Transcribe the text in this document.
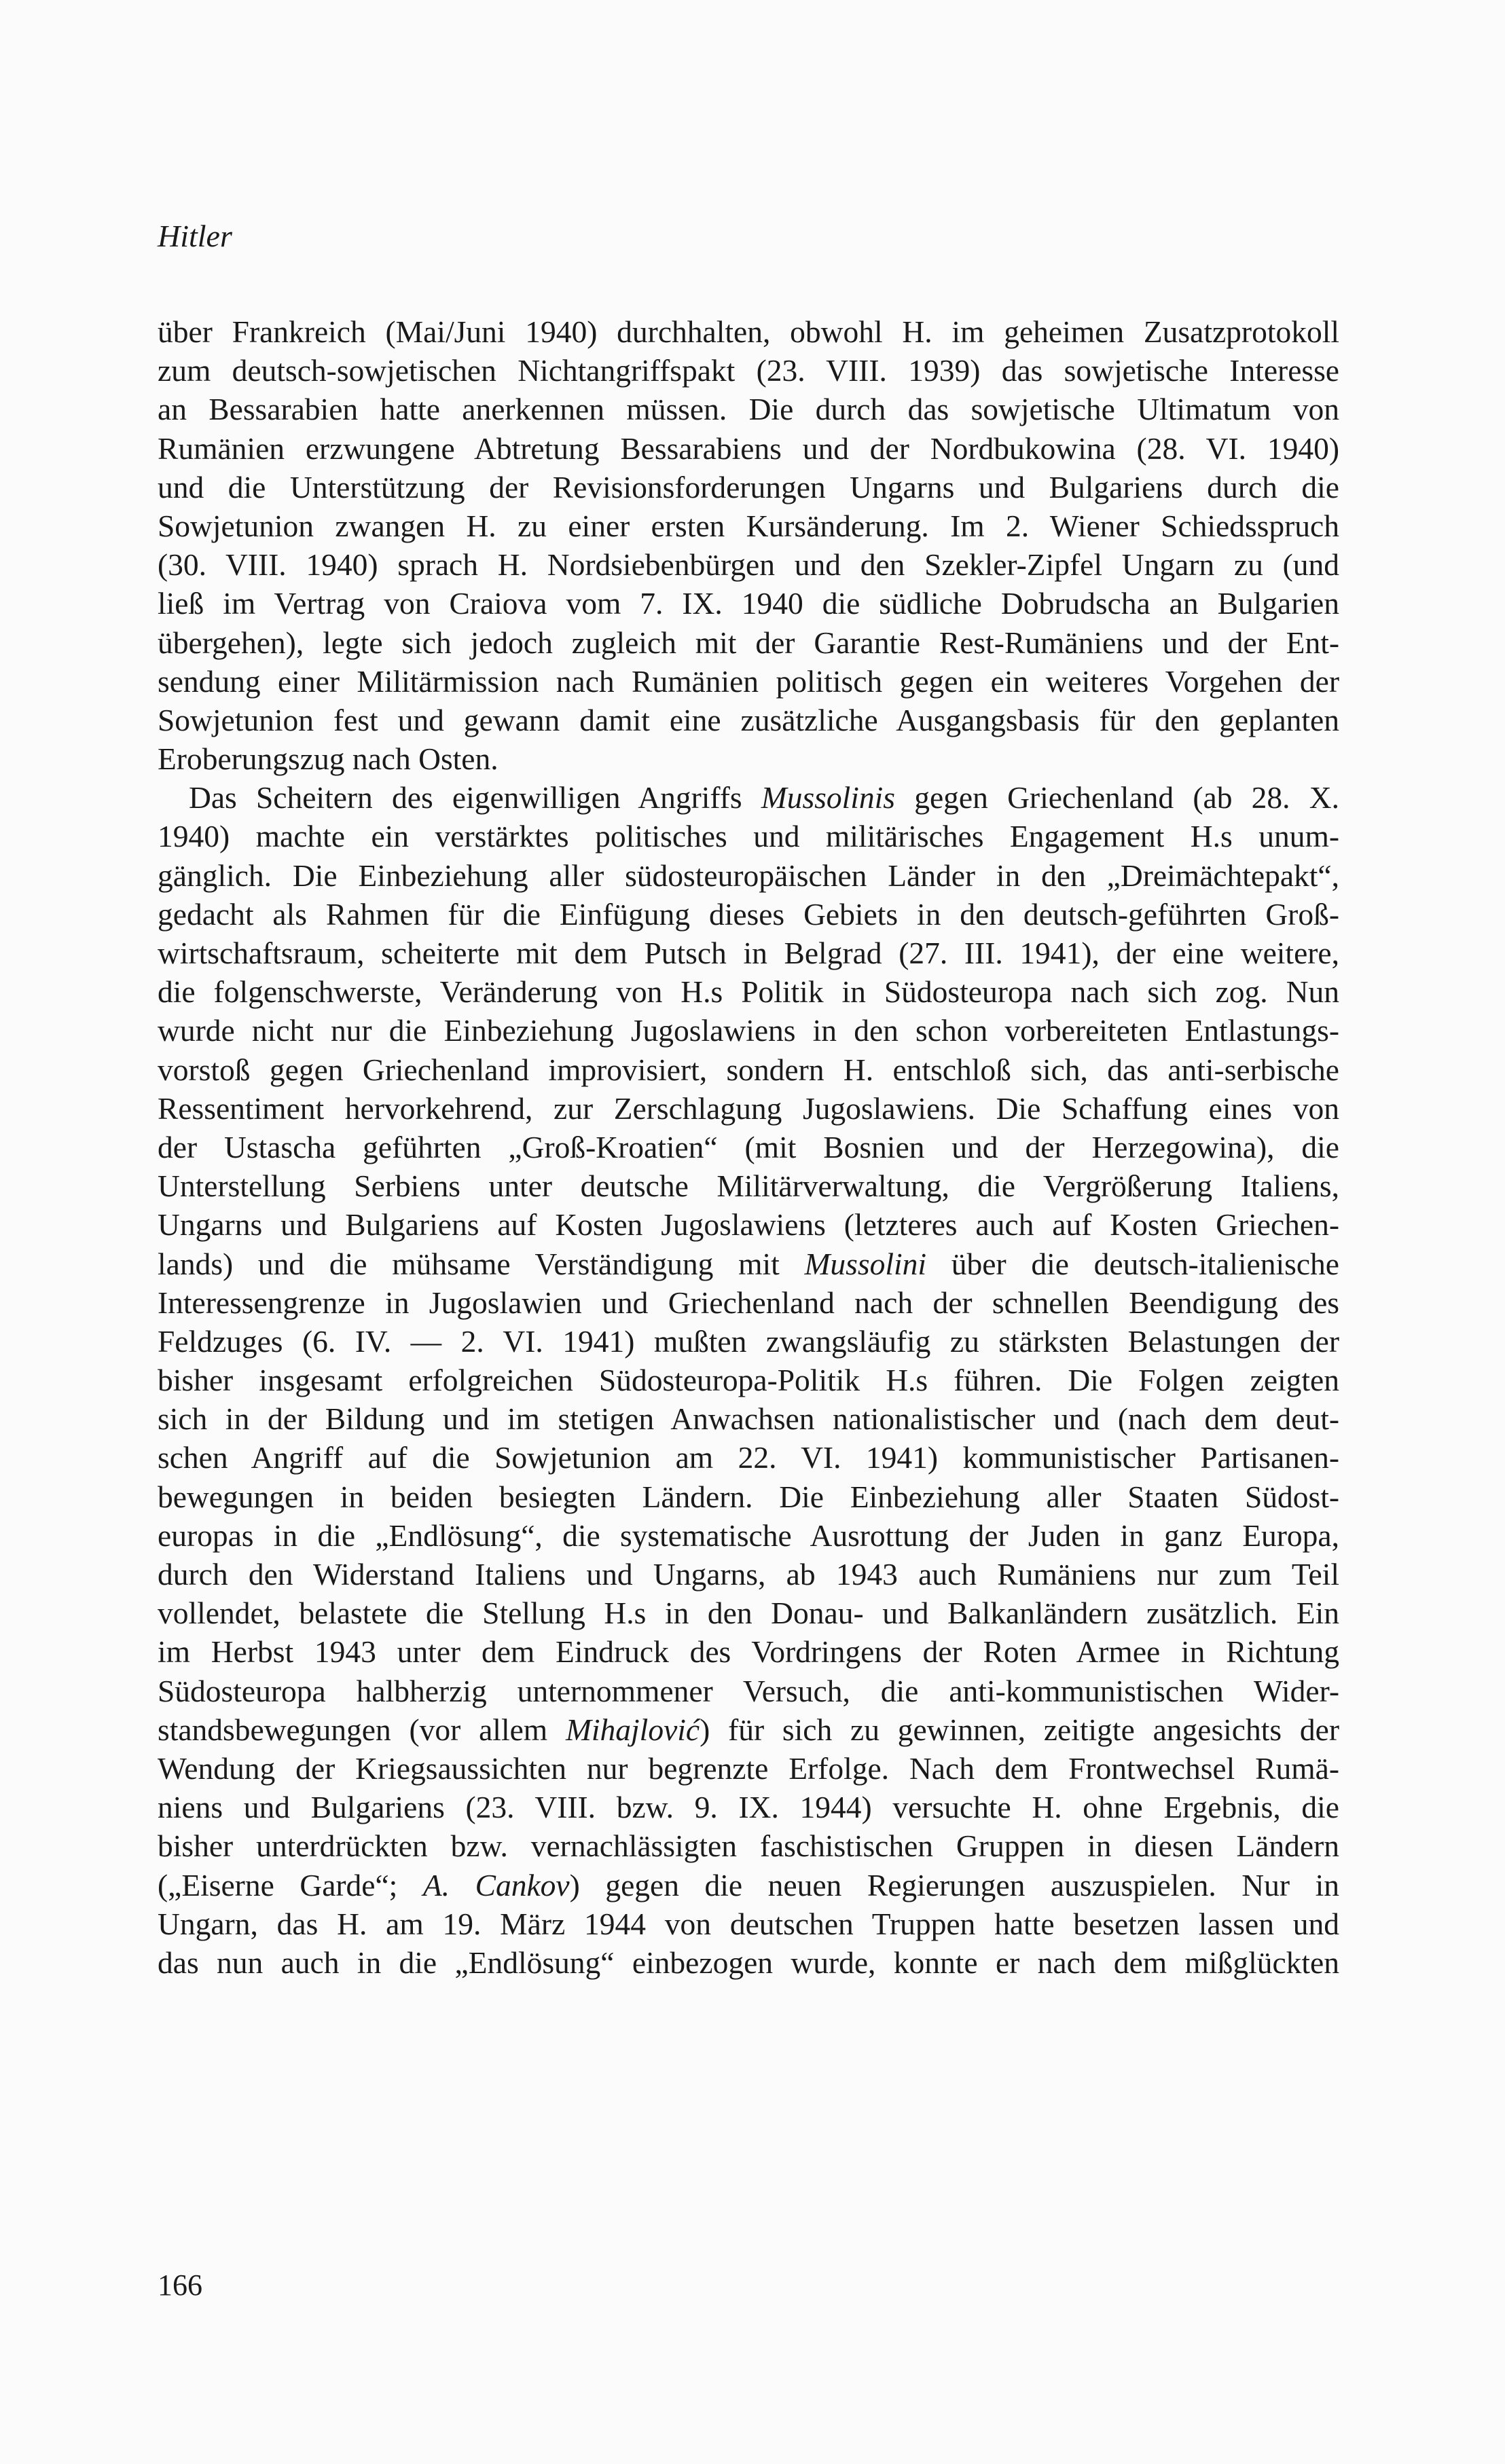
Hitler
über Frankreich (Mai/Juni 1940) durchhalten, obwohl H. im geheimen Zusatzprotokoll
zum deutsch-sowjetischen Nichtangriffspakt (23. VIII. 1939) das sowjetische Interesse
an Bessarabien hatte anerkennen müssen. Die durch das sowjetische Ultimatum von
Rumänien erzwungene Abtretung Bessarabiens und der Nordbukowina (28. VI. 1940)
und die Unterstützung der Revisionsforderungen Ungarns und Bulgariens durch die
Sowjetunion zwangen H. zu einer ersten Kursänderung. Im 2. Wiener Schiedsspruch
(30. VIII. 1940) sprach H. Nordsiebenbürgen und den Szekler-Zipfel Ungarn zu (und
ließ im Vertrag von Craiova vom 7. IX. 1940 die südliche Dobrudscha an Bulgarien
übergehen), legte sich jedoch zugleich mit der Garantie Rest-Rumäniens und der Ent-
sendung einer Militärmission nach Rumänien politisch gegen ein weiteres Vorgehen der
Sowjetunion fest und gewann damit eine zusätzliche Ausgangsbasis für den geplanten
Eroberungszug nach Osten.
Das Scheitern des eigenwilligen Angriffs Mussolinis gegen Griechenland (ab 28. X.
1940) machte ein verstärktes politisches und militärisches Engagement H.s unum-
gänglich. Die Einbeziehung aller südosteuropäischen Länder in den „Dreimächtepakt“,
gedacht als Rahmen für die Einfügung dieses Gebiets in den deutsch-geführten Groß-
wirtschaftsraum, scheiterte mit dem Putsch in Belgrad (27. III. 1941), der eine weitere,
die folgenschwerste, Veränderung von H.s Politik in Südosteuropa nach sich zog. Nun
wurde nicht nur die Einbeziehung Jugoslawiens in den schon vorbereiteten Entlastungs-
vorstoß gegen Griechenland improvisiert, sondern H. entschloß sich, das anti-serbische
Ressentiment hervorkehrend, zur Zerschlagung Jugoslawiens. Die Schaffung eines von
der Ustascha geführten „Groß-Kroatien“ (mit Bosnien und der Herzegowina), die
Unterstellung Serbiens unter deutsche Militärverwaltung, die Vergrößerung Italiens,
Ungarns und Bulgariens auf Kosten Jugoslawiens (letzteres auch auf Kosten Griechen-
lands) und die mühsame Verständigung mit Mussolini über die deutsch-italienische
Interessengrenze in Jugoslawien und Griechenland nach der schnellen Beendigung des
Feldzuges (6. IV. — 2. VI. 1941) mußten zwangsläufig zu stärksten Belastungen der
bisher insgesamt erfolgreichen Südosteuropa-Politik H.s führen. Die Folgen zeigten
sich in der Bildung und im stetigen Anwachsen nationalistischer und (nach dem deut-
schen Angriff auf die Sowjetunion am 22. VI. 1941) kommunistischer Partisanen-
bewegungen in beiden besiegten Ländern. Die Einbeziehung aller Staaten Südost-
europas in die „Endlösung“, die systematische Ausrottung der Juden in ganz Europa,
durch den Widerstand Italiens und Ungarns, ab 1943 auch Rumäniens nur zum Teil
vollendet, belastete die Stellung H.s in den Donau- und Balkanländern zusätzlich. Ein
im Herbst 1943 unter dem Eindruck des Vordringens der Roten Armee in Richtung
Südosteuropa halbherzig unternommener Versuch, die anti-kommunistischen Wider-
standsbewegungen (vor allem Mihajlović) für sich zu gewinnen, zeitigte angesichts der
Wendung der Kriegsaussichten nur begrenzte Erfolge. Nach dem Frontwechsel Rumä-
niens und Bulgariens (23. VIII. bzw. 9. IX. 1944) versuchte H. ohne Ergebnis, die
bisher unterdrückten bzw. vernachlässigten faschistischen Gruppen in diesen Ländern
(„Eiserne Garde“; A. Cankov) gegen die neuen Regierungen auszuspielen. Nur in
Ungarn, das H. am 19. März 1944 von deutschen Truppen hatte besetzen lassen und
das nun auch in die „Endlösung“ einbezogen wurde, konnte er nach dem mißglückten
166
